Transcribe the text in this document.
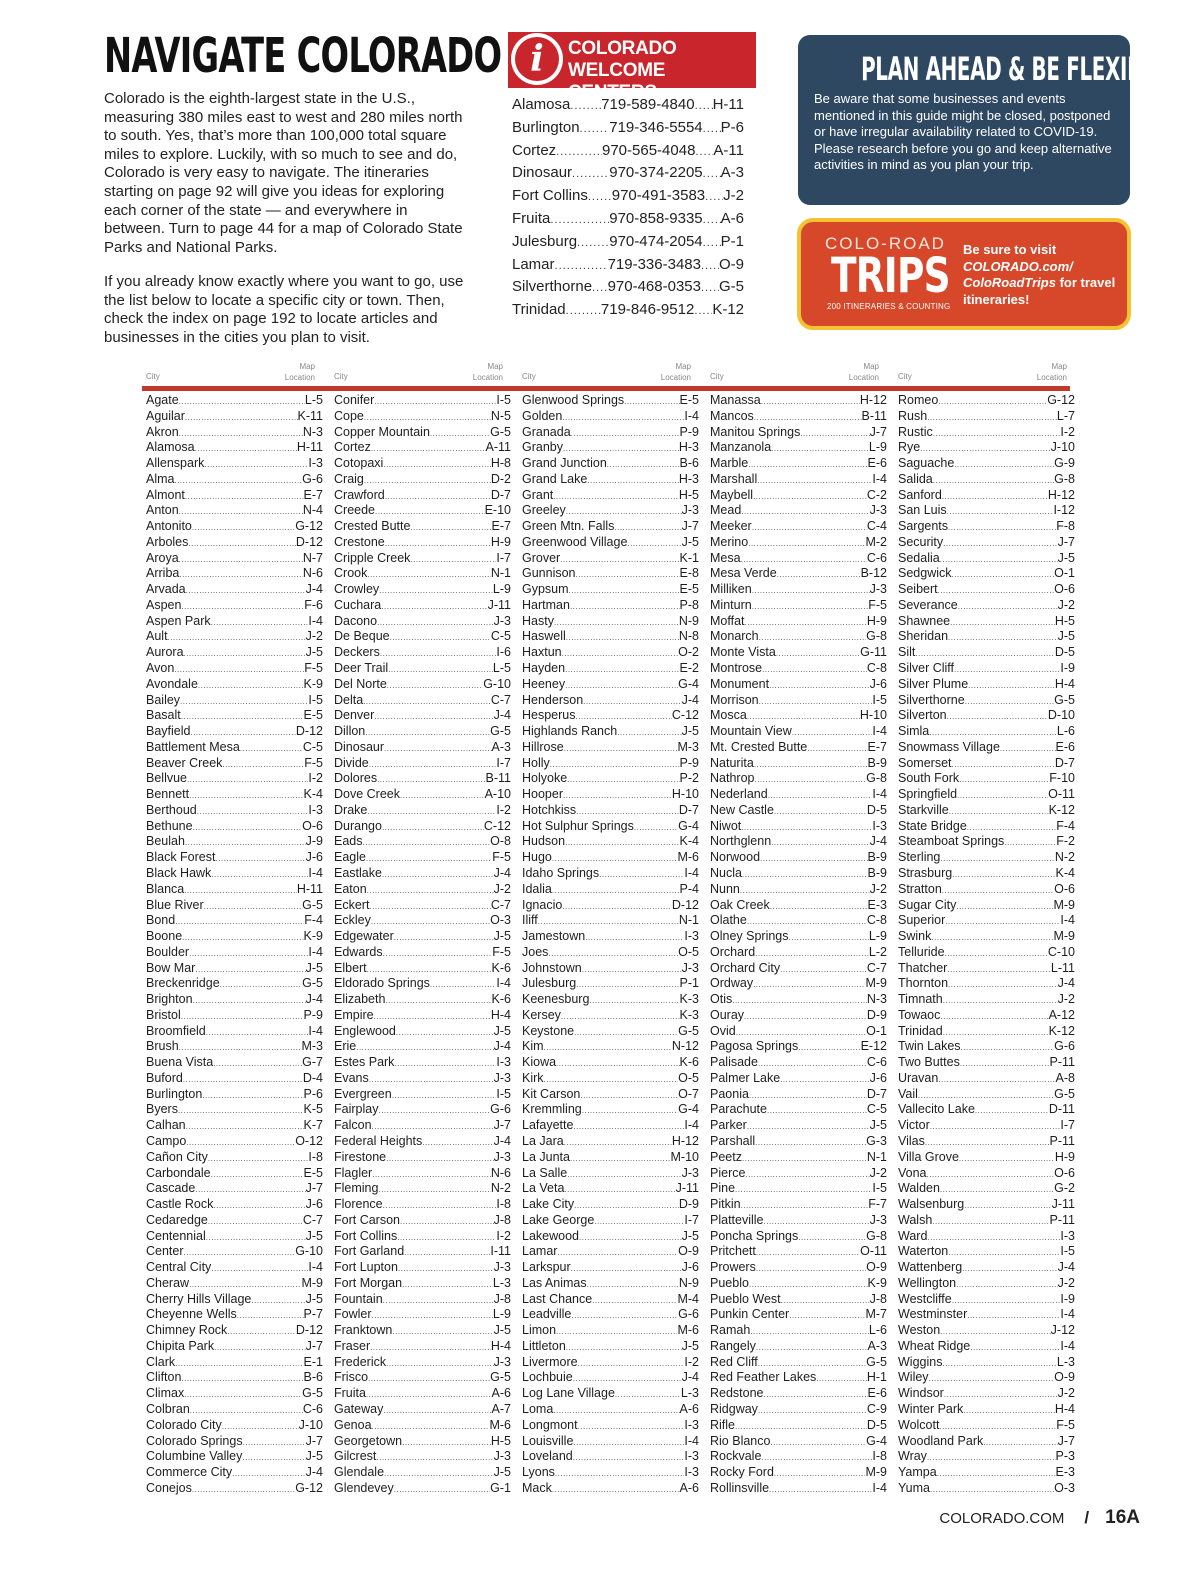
NAVIGATE COLORADO

Colorado is the eighth-largest state in the U.S., measuring 380 miles east to west and 280 miles north to south. Yes, that’s more than 100,000 total square miles to explore. Luckily, with so much to see and do, Colorado is very easy to navigate. The itineraries starting on page 92 will give you ideas for exploring each corner of the state — and everywhere in between. Turn to page 44 for a map of Colorado State Parks and National Parks.

If you already know exactly where you want to go, use the list below to locate a specific city or town. Then, check the index on page 192 to locate articles and businesses in the cities you plan to visit.

i	COLORADO
WELCOME CENTERS
Alamosa ..... 719-589-4840 ..... H-11
Burlington ..... 719-346-5554 ..... P-6
Cortez .....	970-565-4048 ..... A-11
Dinosaur ..... 970-374-2205 ..... A-3
Fort Collins ..... 970-491-3583 ..... J-2
Fruita .....	970-858-9335 ..... A-6
Julesburg ..... 970-474-2054 ..... P-1
Lamar .....	719-336-3483 ..... O-9
Silverthorne ..... 970-468-0353 ..... G-5
Trinidad ..... 719-846-9512 ..... K-12
PLAN AHEAD & BE FLEXIBLE
Be aware that some businesses and events mentioned in this guide might be closed, postponed or have irregular availability related to COVID-19. Please research before you go and keep alternative activities in mind as you plan your trip.
COLO-ROAD
TRIPS
200 ITINERARIES & COUNTING
Be sure to visit
COLORADO.com/
ColoRoadTrips for travel itineraries!
City
Map
Location City
Map
Location City
Map
Location City
Map
Location City
Map
Location
Agate .....	L-5
Aguilar .....	K-11
Akron .....	N-3
Alamosa .....	H-11
Allenspark .....	I-3
Alma .....	G-6
Almont .....	E-7
Anton .....	N-4
Antonito .....	G-12
Arboles .....	D-12
Aroya .....	N-7
Arriba .....	N-6
Arvada .....	J-4
Aspen .....	F-6
Aspen Park .....	I-4
Ault .....	J-2
Aurora .....	J-5
Avon .....	F-5
Avondale .....	K-9
Bailey .....	I-5
Basalt .....	E-5
Bayfield .....	D-12
Battlement Mesa .....	C-5
Beaver Creek .....	F-5
Bellvue .....	I-2
Bennett .....	K-4
Berthoud .....	I-3
Bethune .....	O-6
Beulah .....	J-9
Black Forest .....	J-6
Black Hawk .....	I-4
Blanca .....	H-11
Blue River .....	G-5
Bond .....	F-4
Boone .....	K-9
Boulder .....	I-4
Bow Mar .....	J-5
Breckenridge .....	G-5
Brighton .....	J-4
Bristol .....	P-9
Broomfield .....	I-4
Brush .....	M-3
Buena Vista .....	G-7
Buford .....	D-4
Burlington .....	P-6
Byers .....	K-5
Calhan .....	K-7
Campo .....	O-12
Cañon City .....	I-8
Carbondale .....	E-5
Cascade .....	J-7
Castle Rock .....	J-6
Cedaredge .....	C-7
Centennial .....	J-5
Center .....	G-10
Central City .....	I-4
Cheraw .....	M-9
Cherry Hills Village .....	J-5
Cheyenne Wells .....	P-7
Chimney Rock .....	D-12
Chipita Park .....	J-7
Clark .....	E-1
Clifton .....	B-6
Climax .....	G-5
Colbran .....	C-6
Colorado City .....	J-10
Colorado Springs .....	J-7
Columbine Valley .....	J-5
Commerce City .....	J-4
Conejos .....	G-12
Conifer .....	I-5
Cope .....	N-5
Copper Mountain .....	G-5
Cortez .....	A-11
Cotopaxi .....	H-8
Craig .....	D-2
Crawford .....	D-7
Creede .....	E-10
Crested Butte .....	E-7
Crestone .....	H-9
Cripple Creek .....	I-7
Crook .....	N-1
Crowley .....	L-9
Cuchara .....	J-11
Dacono .....	J-3
De Beque .....	C-5
Deckers .....	I-6
Deer Trail .....	L-5
Del Norte .....	G-10
Delta .....	C-7
Denver .....	J-4
Dillon .....	G-5
Dinosaur .....	A-3
Divide .....	I-7
Dolores .....	B-11
Dove Creek .....	A-10
Drake .....	I-2
Durango .....	C-12
Eads .....	O-8
Eagle .....	F-5
Eastlake .....	J-4
Eaton .....	J-2
Eckert .....	C-7
Eckley .....	O-3
Edgewater .....	J-5
Edwards .....	F-5
Elbert .....	K-6
Eldorado Springs .....	I-4
Elizabeth .....	K-6
Empire .....	H-4
Englewood .....	J-5
Erie .....	J-4
Estes Park .....	I-3
Evans .....	J-3
Evergreen .....	I-5
Fairplay .....	G-6
Falcon .....	J-7
Federal Heights .....	J-4
Firestone .....	J-3
Flagler .....	N-6
Fleming .....	N-2
Florence .....	I-8
Fort Carson .....	J-8
Fort Collins .....	I-2
Fort Garland .....	I-11
Fort Lupton .....	J-3
Fort Morgan .....	L-3
Fountain .....	J-8
Fowler .....	L-9
Franktown .....	J-5
Fraser .....	H-4
Frederick .....	J-3
Frisco .....	G-5
Fruita .....	A-6
Gateway .....	A-7
Genoa .....	M-6
Georgetown .....	H-5
Gilcrest .....	J-3
Glendale .....	J-5
Glendevey .....	G-1
Glenwood Springs .....	E-5
Golden .....	I-4
Granada .....	P-9
Granby .....	H-3
Grand Junction .....	B-6
Grand Lake .....	H-3
Grant .....	H-5
Greeley .....	J-3
Green Mtn. Falls .....	J-7
Greenwood Village .....	J-5
Grover .....	K-1
Gunnison .....	E-8
Gypsum .....	E-5
Hartman .....	P-8
Hasty .....	N-9
Haswell .....	N-8
Haxtun .....	O-2
Hayden .....	E-2
Heeney .....	G-4
Henderson .....	J-4
Hesperus .....	C-12
Highlands Ranch .....	J-5
Hillrose .....	M-3
Holly .....	P-9
Holyoke .....	P-2
Hooper .....	H-10
Hotchkiss .....	D-7
Hot Sulphur Springs .....	G-4
Hudson .....	K-4
Hugo .....	M-6
Idaho Springs .....	I-4
Idalia .....	P-4
Ignacio .....	D-12
Iliff .....	N-1
Jamestown .....	I-3
Joes .....	O-5
Johnstown .....	J-3
Julesburg .....	P-1
Keenesburg .....	K-3
Kersey .....	K-3
Keystone .....	G-5
Kim .....	N-12
Kiowa .....	K-6
Kirk .....	O-5
Kit Carson .....	O-7
Kremmling .....	G-4
Lafayette .....	I-4
La Jara .....	H-12
La Junta .....	M-10
La Salle .....	J-3
La Veta .....	J-11
Lake City .....	D-9
Lake George .....	I-7
Lakewood .....	J-5
Lamar .....	O-9
Larkspur .....	J-6
Las Animas .....	N-9
Last Chance .....	M-4
Leadville .....	G-6
Limon .....	M-6
Littleton .....	J-5
Livermore .....	I-2
Lochbuie .....	J-4
Log Lane Village .....	L-3
Loma .....	A-6
Longmont .....	I-3
Louisville .....	I-4
Loveland .....	I-3
Lyons .....	I-3
Mack .....	A-6
Manassa .....	H-12
Mancos .....	B-11
Manitou Springs .....	J-7
Manzanola .....	L-9
Marble .....	E-6
Marshall .....	I-4
Maybell .....	C-2
Mead .....	J-3
Meeker .....	C-4
Merino .....	M-2
Mesa .....	C-6
Mesa Verde .....	B-12
Milliken .....	J-3
Minturn .....	F-5
Moffat .....	H-9
Monarch .....	G-8
Monte Vista .....	G-11
Montrose .....	C-8
Monument .....	J-6
Morrison .....	I-5
Mosca .....	H-10
Mountain View .....	I-4
Mt. Crested Butte .....	E-7
Naturita .....	B-9
Nathrop .....	G-8
Nederland .....	I-4
New Castle .....	D-5
Niwot .....	I-3
Northglenn .....	J-4
Norwood .....	B-9
Nucla .....	B-9
Nunn .....	J-2
Oak Creek .....	E-3
Olathe .....	C-8
Olney Springs .....	L-9
Orchard .....	L-2
Orchard City .....	C-7
Ordway .....	M-9
Otis .....	N-3
Ouray .....	D-9
Ovid .....	O-1
Pagosa Springs .....	E-12
Palisade .....	C-6
Palmer Lake .....	J-6
Paonia .....	D-7
Parachute .....	C-5
Parker .....	J-5
Parshall .....	G-3
Peetz .....	N-1
Pierce .....	J-2
Pine .....	I-5
Pitkin .....	F-7
Platteville .....	J-3
Poncha Springs .....	G-8
Pritchett .....	O-11
Prowers .....	O-9
Pueblo .....	K-9
Pueblo West .....	J-8
Punkin Center .....	M-7
Ramah .....	L-6
Rangely .....	A-3
Red Cliff .....	G-5
Red Feather Lakes .....	H-1
Redstone .....	E-6
Ridgway .....	C-9
Rifle .....	D-5
Rio Blanco .....	G-4
Rockvale .....	I-8
Rocky Ford .....	M-9
Rollinsville .....	I-4
Romeo .....	G-12
Rush .....	L-7
Rustic .....	I-2
Rye .....	J-10
Saguache .....	G-9
Salida .....	G-8
Sanford .....	H-12
San Luis .....	I-12
Sargents .....	F-8
Security .....	J-7
Sedalia .....	J-5
Sedgwick .....	O-1
Seibert .....	O-6
Severance .....	J-2
Shawnee .....	H-5
Sheridan .....	J-5
Silt .....	D-5
Silver Cliff .....	I-9
Silver Plume .....	H-4
Silverthorne .....	G-5
Silverton .....	D-10
Simla .....	L-6
Snowmass Village .....	E-6
Somerset .....	D-7
South Fork .....	F-10
Springfield .....	O-11
Starkville .....	K-12
State Bridge .....	F-4
Steamboat Springs .....	F-2
Sterling .....	N-2
Strasburg .....	K-4
Stratton .....	O-6
Sugar City .....	M-9
Superior .....	I-4
Swink .....	M-9
Telluride .....	C-10
Thatcher .....	L-11
Thornton .....	J-4
Timnath .....	J-2
Towaoc .....	A-12
Trinidad .....	K-12
Twin Lakes .....	G-6
Two Buttes .....	P-11
Uravan .....	A-8
Vail .....	G-5
Vallecito Lake .....	D-11
Victor .....	I-7
Vilas .....	P-11
Villa Grove .....	H-9
Vona .....	O-6
Walden .....	G-2
Walsenburg .....	J-11
Walsh .....	P-11
Ward .....	I-3
Waterton .....	I-5
Wattenberg .....	J-4
Wellington .....	J-2
Westcliffe .....	I-9
Westminster .....	I-4
Weston .....	J-12
Wheat Ridge .....	I-4
Wiggins .....	L-3
Wiley .....	O-9
Windsor .....	J-2
Winter Park .....	H-4
Wolcott .....	F-5
Woodland Park .....	J-7
Wray .....	P-3
Yampa .....	E-3
Yuma .....	O-3
COLORADO.COM / 16A
